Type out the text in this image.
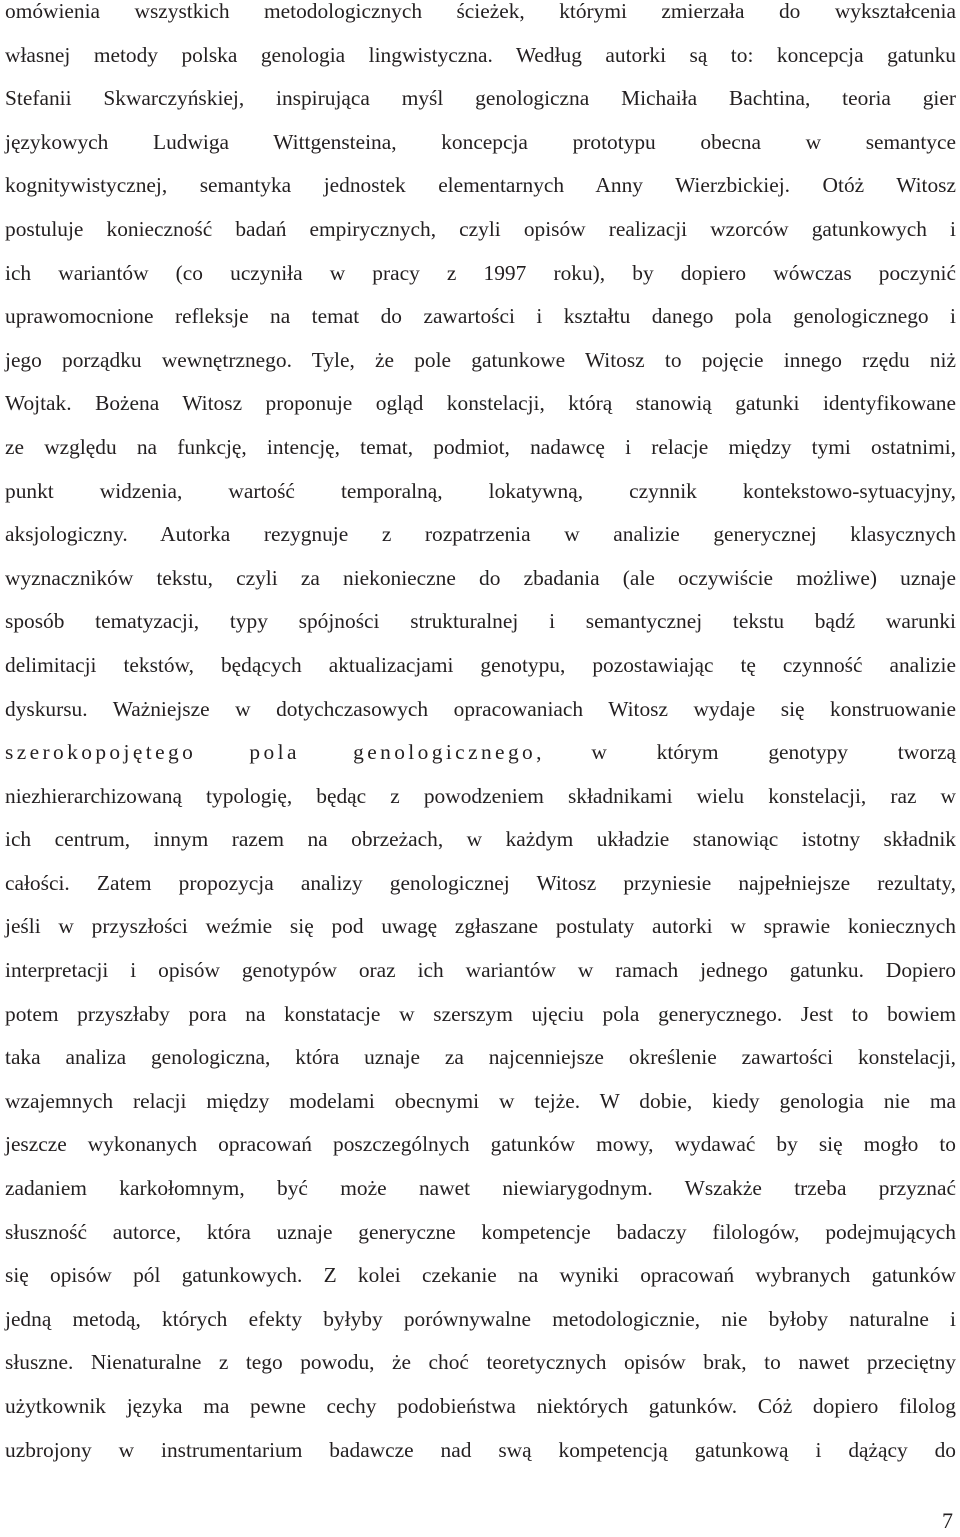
omówienia wszystkich metodologicznych ścieżek, którymi zmierzała do wykształcenia
własnej metody polska genologia lingwistyczna. Według autorki są to: koncepcja gatunku
Stefanii Skwarczyńskiej, inspirująca myśl genologiczna Michaiła Bachtina, teoria gier
językowych Ludwiga Wittgensteina, koncepcja prototypu obecna w semantyce
kognitywistycznej, semantyka jednostek elementarnych Anny Wierzbickiej. Otóż Witosz
postuluje konieczność badań empirycznych, czyli opisów realizacji wzorców gatunkowych i
ich wariantów (co uczyniła w pracy z 1997 roku), by dopiero wówczas poczynić
uprawomocnione refleksje na temat do zawartości i kształtu danego pola genologicznego i
jego porządku wewnętrznego. Tyle, że pole gatunkowe Witosz to pojęcie innego rzędu niż
Wojtak. Bożena Witosz proponuje ogląd konstelacji, którą stanowią gatunki identyfikowane
ze względu na funkcję, intencję, temat, podmiot, nadawcę i relacje między tymi ostatnimi,
punkt widzenia, wartość temporalną, lokatywną, czynnik kontekstowo-sytuacyjny,
aksjologiczny. Autorka rezygnuje z rozpatrzenia w analizie generycznej klasycznych
wyznaczników tekstu, czyli za niekonieczne do zbadania (ale oczywiście możliwe) uznaje
sposób tematyzacji, typy spójności strukturalnej i semantycznej tekstu bądź warunki
delimitacji tekstów, będących aktualizacjami genotypu, pozostawiając tę czynność analizie
dyskursu. Ważniejsze w dotychczasowych opracowaniach Witosz wydaje się konstruowanie
szerokopojętego pola genologicznego, w którym genotypy tworzą
niezhierarchizowaną typologię, będąc z powodzeniem składnikami wielu konstelacji, raz w
ich centrum, innym razem na obrzeżach, w każdym układzie stanowiąc istotny składnik
całości. Zatem propozycja analizy genologicznej Witosz przyniesie najpełniejsze rezultaty,
jeśli w przyszłości weźmie się pod uwagę zgłaszane postulaty autorki w sprawie koniecznych
interpretacji i opisów genotypów oraz ich wariantów w ramach jednego gatunku. Dopiero
potem przyszłaby pora na konstatacje w szerszym ujęciu pola generycznego. Jest to bowiem
taka analiza genologiczna, która uznaje za najcenniejsze określenie zawartości konstelacji,
wzajemnych relacji między modelami obecnymi w tejże. W dobie, kiedy genologia nie ma
jeszcze wykonanych opracowań poszczególnych gatunków mowy, wydawać by się mogło to
zadaniem karkołomnym, być może nawet niewiarygodnym. Wszakże trzeba przyznać
słuszność autorce, która uznaje generyczne kompetencje badaczy filologów, podejmujących
się opisów pól gatunkowych. Z kolei czekanie na wyniki opracowań wybranych gatunków
jedną metodą, których efekty byłyby porównywalne metodologicznie, nie byłoby naturalne i
słuszne. Nienaturalne z tego powodu, że choć teoretycznych opisów brak, to nawet przeciętny
użytkownik języka ma pewne cechy podobieństwa niektórych gatunków. Cóż dopiero filolog
uzbrojony w instrumentarium badawcze nad swą kompetencją gatunkową i dążący do
7
